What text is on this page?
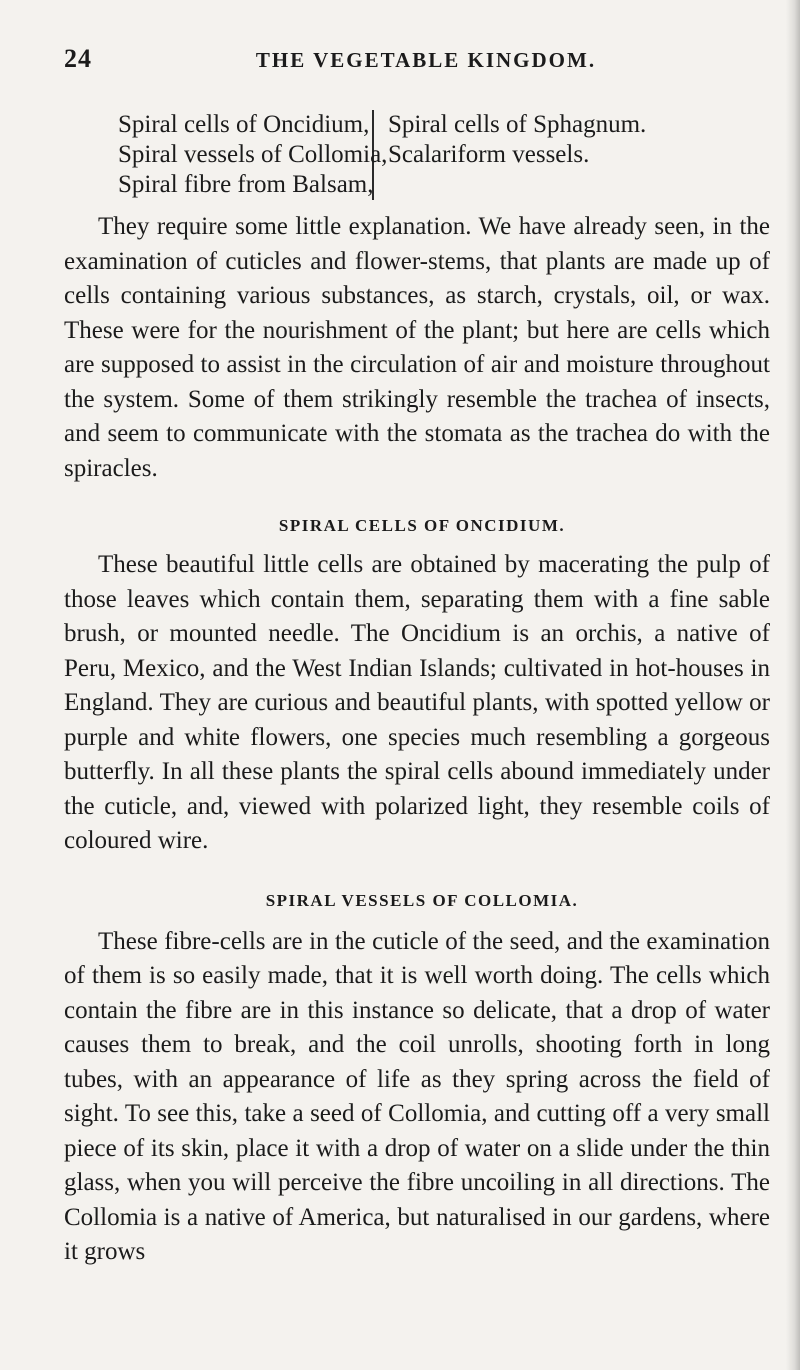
24	THE VEGETABLE KINGDOM.
Spiral cells of Oncidium,
Spiral vessels of Collomia,
Spiral fibre from Balsam,
Spiral cells of Sphagnum.
Scalariform vessels.

They require some little explanation. We have already seen, in the examination of cuticles and flower-stems, that plants are made up of cells containing various substances, as starch, crystals, oil, or wax. These were for the nourishment of the plant; but here are cells which are supposed to assist in the circulation of air and moisture throughout the system. Some of them strikingly resemble the trachea of insects, and seem to communicate with the stomata as the trachea do with the spiracles.

SPIRAL CELLS OF ONCIDIUM.

These beautiful little cells are obtained by macerating the pulp of those leaves which contain them, separating them with a fine sable brush, or mounted needle. The Oncidium is an orchis, a native of Peru, Mexico, and the West Indian Islands; cultivated in hot-houses in England. They are curious and beautiful plants, with spotted yellow or purple and white flowers, one species much resembling a gorgeous butterfly. In all these plants the spiral cells abound immediately under the cuticle, and, viewed with polarized light, they resemble coils of coloured wire.

SPIRAL VESSELS OF COLLOMIA.

These fibre-cells are in the cuticle of the seed, and the examination of them is so easily made, that it is well worth doing. The cells which contain the fibre are in this instance so delicate, that a drop of water causes them to break, and the coil unrolls, shooting forth in long tubes, with an appearance of life as they spring across the field of sight. To see this, take a seed of Collomia, and cutting off a very small piece of its skin, place it with a drop of water on a slide under the thin glass, when you will perceive the fibre uncoiling in all directions. The Collomia is a native of America, but naturalised in our gardens, where it grows
